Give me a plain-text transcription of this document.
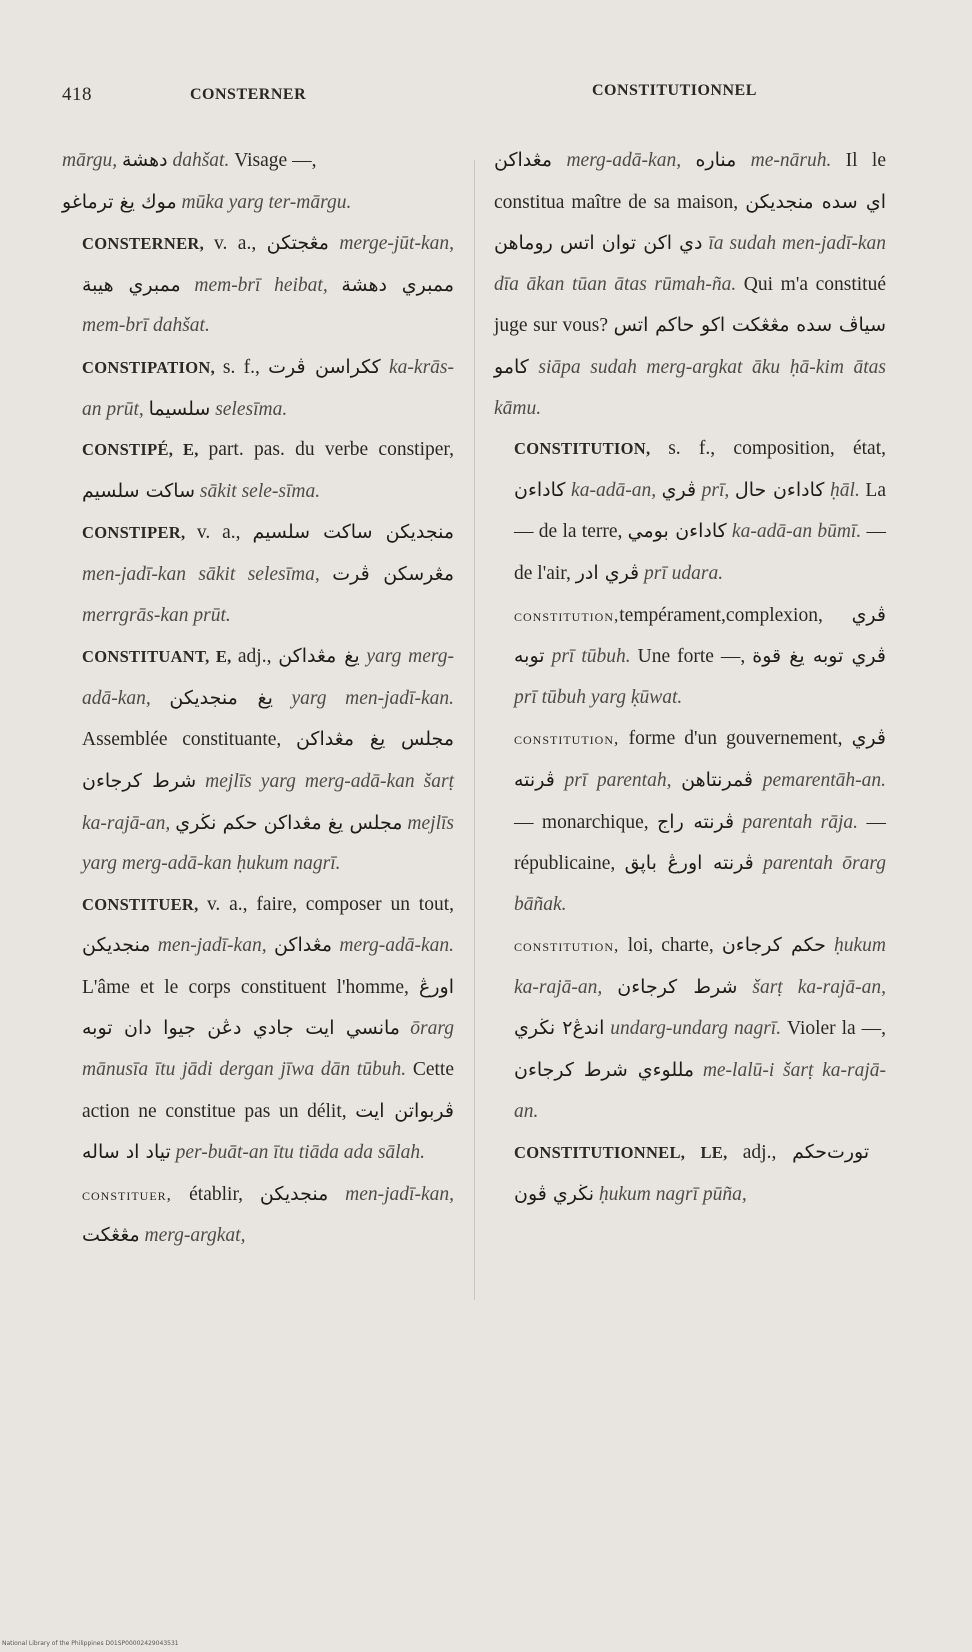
418	CONSTERNER	CONSTITUTIONNEL

mārgu, دهشة dahšat. Visage —,

موك يغ ترماغو mūka yarg ter-mārgu.

CONSTERNER, v. a., مڠجتكن merge-jūt-kan, ممبري هيبة mem-brī heibat, ممبري دهشة mem-brī dahšat.

CONSTIPATION, s. f., ككراسن ڤرت ka-krās-an prūt, سلسيما selesīma.

CONSTIPÉ, E, part. pas. du verbe constiper, ساكت سلسيم sākit sele-sīma.

CONSTIPER, v. a., منجديكن ساكت سلسيم men-jadī-kan sākit selesīma, مڠرسكن ڤرت merrgrās-kan prūt.

CONSTITUANT, E, adj., يغ مڠداكن yarg merg-adā-kan, يغ منجديكن yarg men-jadī-kan. Assemblée constituante, مجلس يغ مڠداكن شرط كرجاءن mejlīs yarg merg-adā-kan šarṭ ka-rajā-an, مجلس يغ مڠداكن حكم نڬري mejlīs yarg merg-adā-kan ḥukum nagrī.

CONSTITUER, v. a., faire, composer un tout, منجديكن men-jadī-kan, مڠداكن merg-adā-kan. L'âme et le corps constituent l'homme, اورڠ مانسي ايت جادي دڠن جيوا دان توبه ōrarg mānusīa ītu jādi dergan jīwa dān tūbuh. Cette action ne constitue pas un délit, ڤربواتن ايت تياد اد ساله per-buāt-an ītu tiāda ada sālah.

constituer, établir, منجديكن men-jadī-kan, مڠڠكت merg-argkat,

مڠداكن merg-adā-kan, مناره me-nāruh. Il le constitua maître de sa maison, اي سده منجديكن دي اكن توان اتس روماهن īa sudah men-jadī-kan dīa ākan tūan ātas rūmah-ña. Qui m'a constitué juge sur vous? سياڤ سده مڠڠكت اكو حاكم اتس كامو siāpa sudah merg-argkat āku ḥā-kim ātas kāmu.

CONSTITUTION, s. f., composition, état, كاداءن ka-adā-an, ڤري prī, كاداءن حال ḥāl. La — de la terre, كاداءن بومي ka-adā-an būmī. — de l'air, ڤري ادر prī udara.

constitution,tempérament,complexion, ڤري توبه prī tūbuh. Une forte —, ڤري توبه يغ قوة prī tūbuh yarg ḳūwat.

constitution, forme d'un gouvernement, ڤري ڤرنته prī parentah, ڤمرنتاهن pemarentāh-an. — monarchique, ڤرنته راج parentah rāja. — républicaine, ڤرنته اورڠ باڽق parentah ōrarg bāñak.

constitution, loi, charte, حكم كرجاءن ḥukum ka-rajā-an, شرط كرجاءن šarṭ ka-rajā-an, اندڠ٢ نڬري undarg-undarg nagrī. Violer la —, مللوءي شرط كرجاءن me-lalū-i šarṭ ka-rajā-an.

CONSTITUTIONNEL, LE, adj., حكم تورت نڬري ڤون ḥukum nagrī pūña,

National Library of the Philippines D01SP00002429043531
